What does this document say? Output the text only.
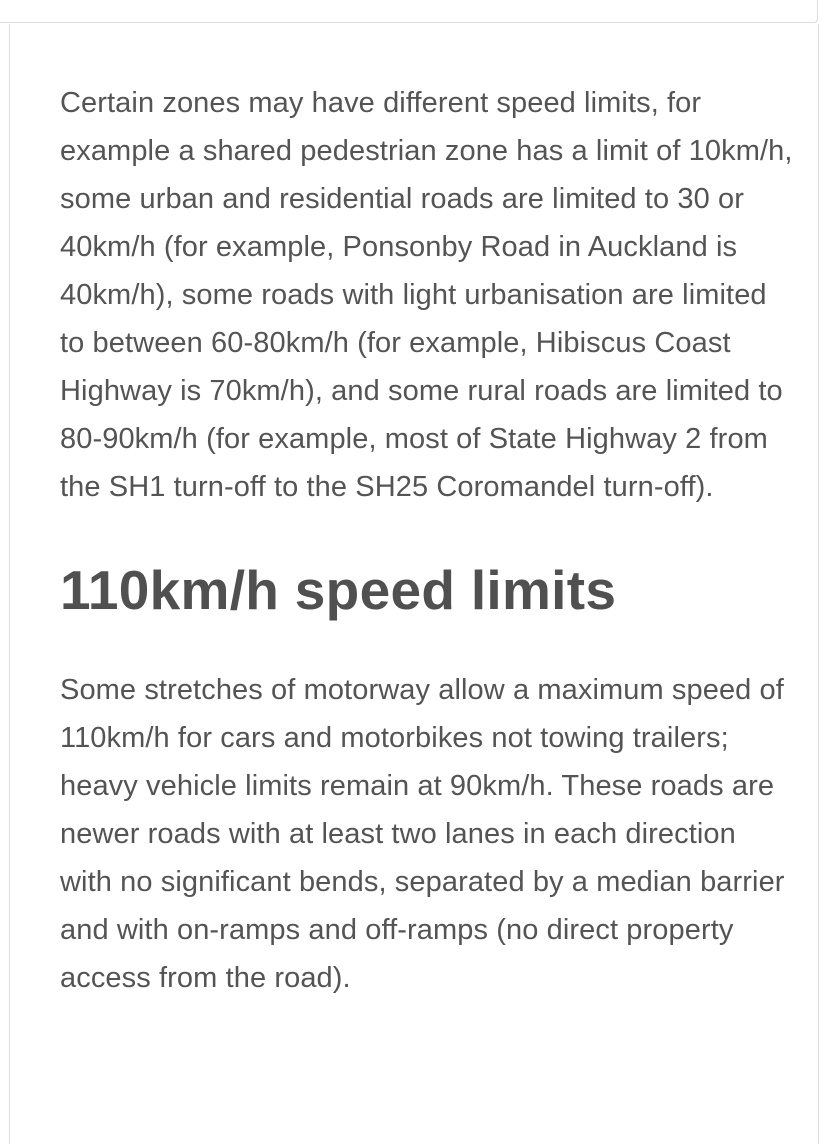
Certain zones may have different speed limits, for example a shared pedestrian zone has a limit of 10km/h, some urban and residential roads are limited to 30 or 40km/h (for example, Ponsonby Road in Auckland is 40km/h), some roads with light urbanisation are limited to between 60-80km/h (for example, Hibiscus Coast Highway is 70km/h), and some rural roads are limited to 80-90km/h (for example, most of State Highway 2 from the SH1 turn-off to the SH25 Coromandel turn-off).

110km/h speed limits

Some stretches of motorway allow a maximum speed of 110km/h for cars and motorbikes not towing trailers; heavy vehicle limits remain at 90km/h. These roads are newer roads with at least two lanes in each direction with no significant bends, separated by a median barrier and with on-ramps and off-ramps (no direct property access from the road).
